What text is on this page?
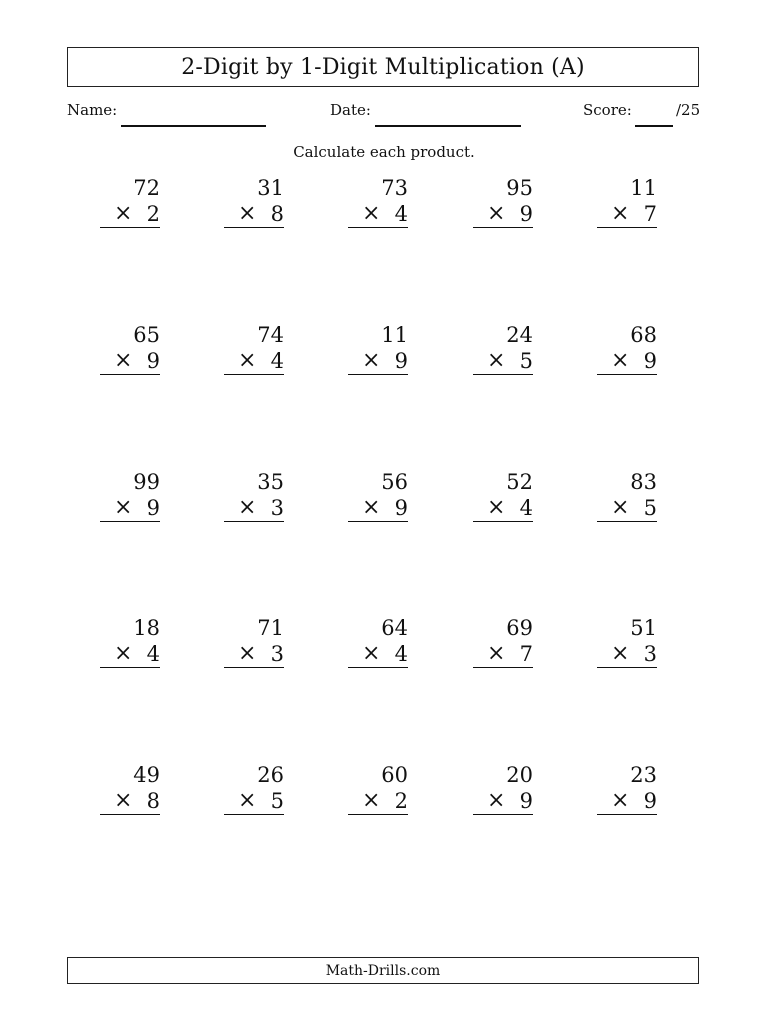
2-Digit by 1-Digit Multiplication (A)
Name:	Date:	Score:	/25
Calculate each product.
72
× 2
31
× 8
73
× 4
95
× 9
11
× 7
65
× 9
74
× 4
11
× 9
24
× 5
68
× 9
99
× 9
35
× 3
56
× 9
52
× 4
83
× 5
18
× 4
71
× 3
64
× 4
69
× 7
51
× 3
49
× 8
26
× 5
60
× 2
20
× 9
23
× 9
Math-Drills.com
